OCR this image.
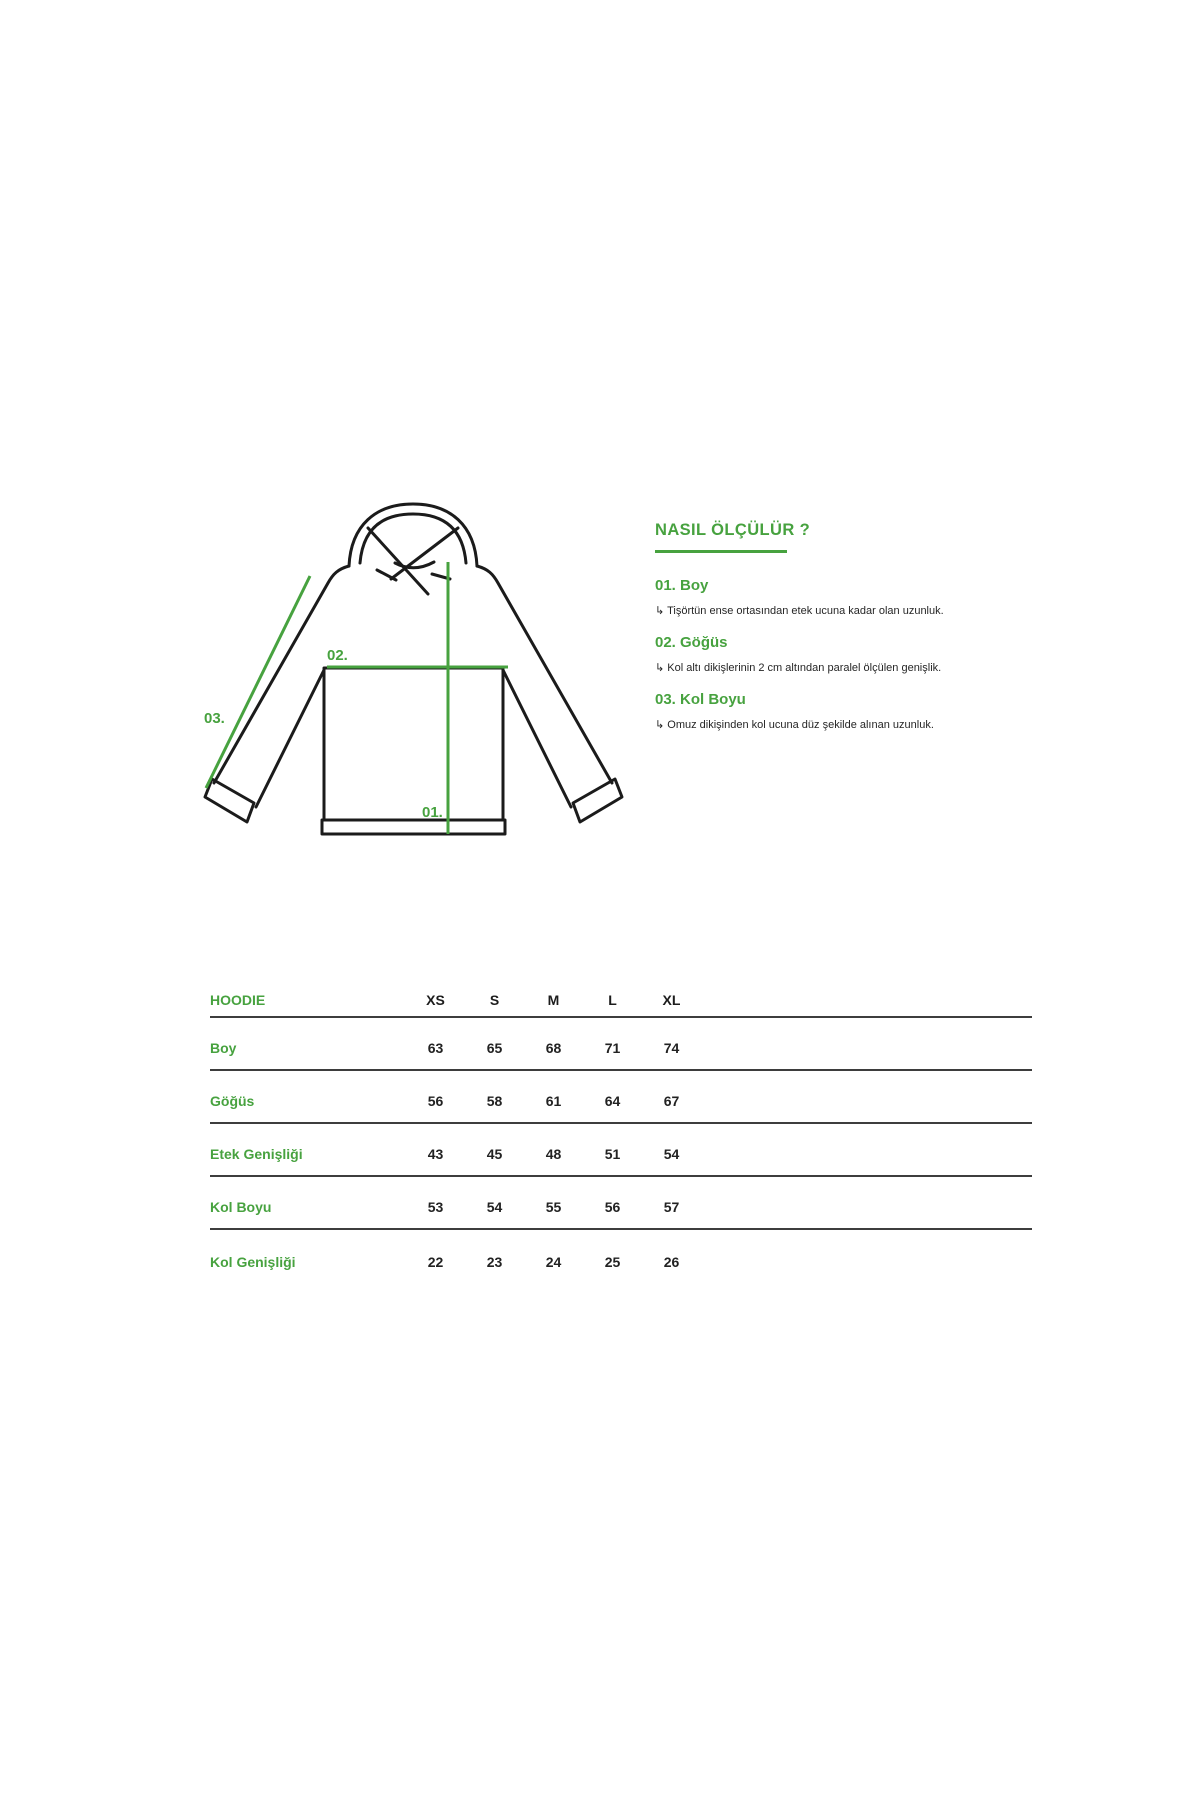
02.
03.
01.
NASIL ÖLÇÜLÜR ?
01. Boy

↳ Tişörtün ense ortasından etek ucuna kadar olan uzunluk.

02. Göğüs

↳ Kol altı dikişlerinin 2 cm altından paralel ölçülen genişlik.

03. Kol Boyu

↳ Omuz dikişinden kol ucuna düz şekilde alınan uzunluk.

HOODIE	XS	S	M	L	XL
Boy	63	65	68	71	74
Göğüs	56	58	61	64	67
Etek Genişliği	43	45	48	51	54
Kol Boyu	53	54	55	56	57
Kol Genişliği	22	23	24	25	26
